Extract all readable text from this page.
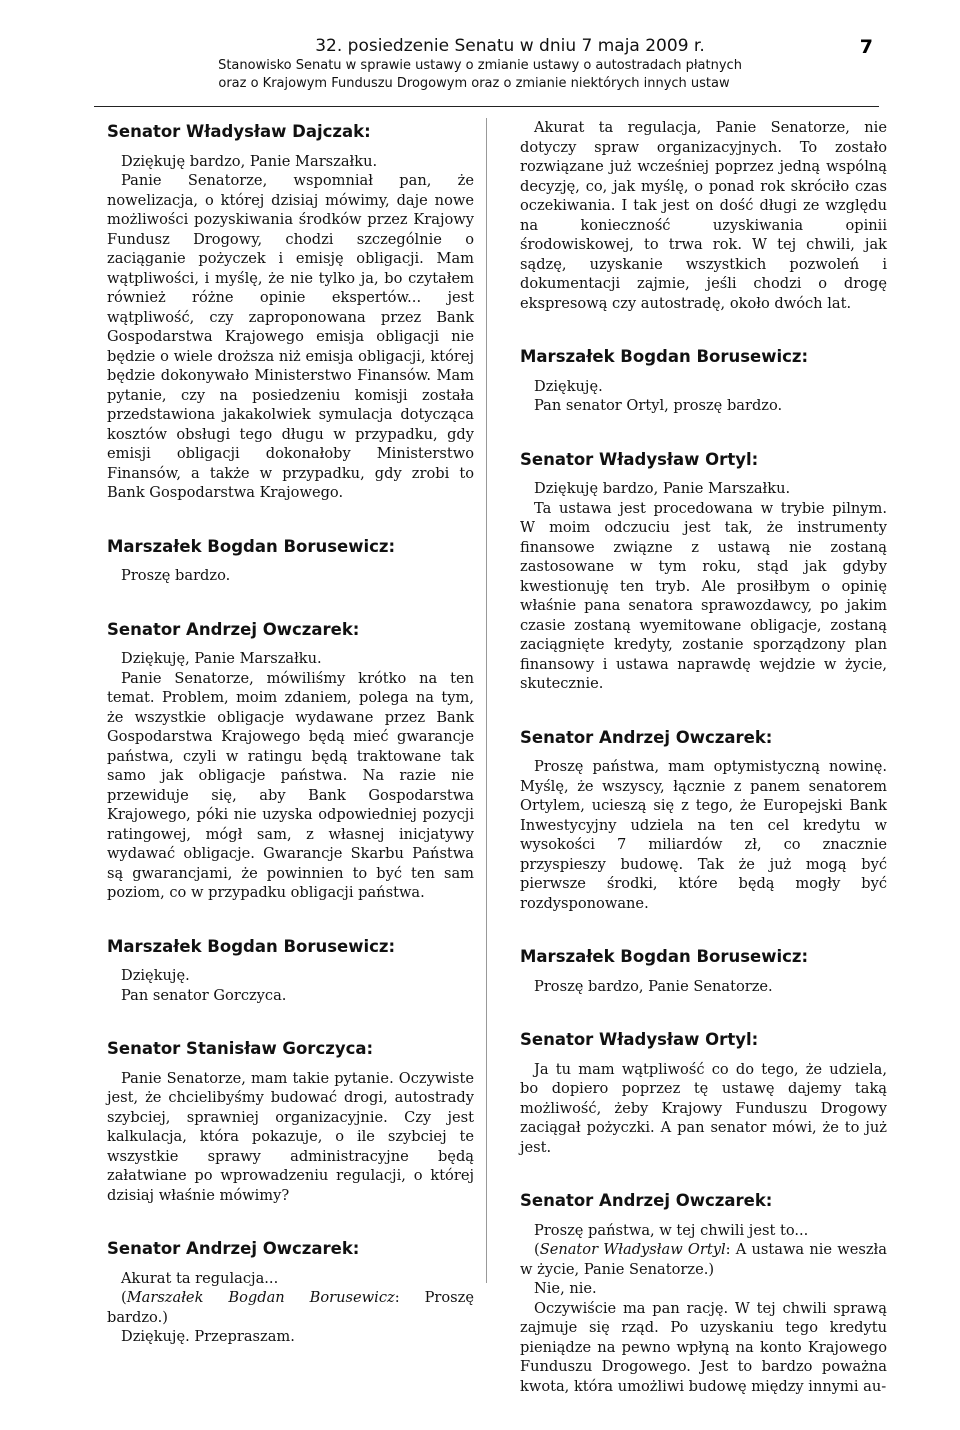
32. posiedzenie Senatu w dniu 7 maja 2009 r.
Stanowisko Senatu w sprawie ustawy o zmianie ustawy o autostradach płatnych
oraz o Krajowym Funduszu Drogowym oraz o zmianie niektórych innych ustaw
7
Senator Władysław Dajczak:

Dziękuję bardzo, Panie Marszałku.

Panie Senatorze, wspomniał pan, że nowelizacja, o której dzisiaj mówimy, daje nowe możliwości pozyskiwania środków przez Krajowy Fundusz Drogowy, chodzi szczególnie o zaciąganie pożyczek i emisję obligacji. Mam wątpliwości, i myślę, że nie tylko ja, bo czytałem również różne opinie ekspertów... jest wątpliwość, czy zaproponowana przez Bank Gospodarstwa Krajowego emisja obligacji nie będzie o wiele droższa niż emisja obligacji, której będzie dokonywało Ministerstwo Finansów. Mam pytanie, czy na posiedzeniu komisji została przedstawiona jakakolwiek symulacja dotycząca kosztów obsługi tego długu w przypadku, gdy emisji obligacji dokonałoby Ministerstwo Finansów, a także w przypadku, gdy zrobi to Bank Gospodarstwa Krajowego.

Marszałek Bogdan Borusewicz:

Proszę bardzo.

Senator Andrzej Owczarek:

Dziękuję, Panie Marszałku.

Panie Senatorze, mówiliśmy krótko na ten temat. Problem, moim zdaniem, polega na tym, że wszystkie obligacje wydawane przez Bank Gospodarstwa Krajowego będą mieć gwarancje państwa, czyli w ratingu będą traktowane tak samo jak obligacje państwa. Na razie nie przewiduje się, aby Bank Gospodarstwa Krajowego, póki nie uzyska odpowiedniej pozycji ratingowej, mógł sam, z własnej inicjatywy wydawać obligacje. Gwarancje Skarbu Państwa są gwarancjami, że powinnien to być ten sam poziom, co w przypadku obligacji państwa.

Marszałek Bogdan Borusewicz:

Dziękuję.

Pan senator Gorczyca.

Senator Stanisław Gorczyca:

Panie Senatorze, mam takie pytanie. Oczywiste jest, że chcielibyśmy budować drogi, autostrady szybciej, sprawniej organizacyjnie. Czy jest kalkulacja, która pokazuje, o ile szybciej te wszystkie sprawy administracyjne będą załatwiane po wprowadzeniu regulacji, o której dzisiaj właśnie mówimy?

Senator Andrzej Owczarek:

Akurat ta regulacja...

(Marszałek Bogdan Borusewicz: Proszę bardzo.)

Dziękuję. Przepraszam.

Akurat ta regulacja, Panie Senatorze, nie dotyczy spraw organizacyjnych. To zostało rozwiązane już wcześniej poprzez jedną wspólną decyzję, co, jak myślę, o ponad rok skróciło czas oczekiwania. I tak jest on dość długi ze względu na konieczność uzyskiwania opinii środowiskowej, to trwa rok. W tej chwili, jak sądzę, uzyskanie wszystkich pozwoleń i dokumentacji zajmie, jeśli chodzi o drogę ekspresową czy autostradę, około dwóch lat.

Marszałek Bogdan Borusewicz:

Dziękuję.

Pan senator Ortyl, proszę bardzo.

Senator Władysław Ortyl:

Dziękuję bardzo, Panie Marszałku.

Ta ustawa jest procedowana w trybie pilnym. W moim odczuciu jest tak, że instrumenty finansowe związne z ustawą nie zostaną zastosowane w tym roku, stąd jak gdyby kwestionuję ten tryb. Ale prosiłbym o opinię właśnie pana senatora sprawozdawcy, po jakim czasie zostaną wyemitowane obligacje, zostaną zaciągnięte kredyty, zostanie sporządzony plan finansowy i ustawa naprawdę wejdzie w życie, skutecznie.

Senator Andrzej Owczarek:

Proszę państwa, mam optymistyczną nowinę. Myślę, że wszyscy, łącznie z panem senatorem Ortylem, ucieszą się z tego, że Europejski Bank Inwestycyjny udziela na ten cel kredytu w wysokości 7 miliardów zł, co znacznie przyspieszy budowę. Tak że już mogą być pierwsze środki, które będą mogły być rozdysponowane.

Marszałek Bogdan Borusewicz:

Proszę bardzo, Panie Senatorze.

Senator Władysław Ortyl:

Ja tu mam wątpliwość co do tego, że udziela, bo dopiero poprzez tę ustawę dajemy taką możliwość, żeby Krajowy Funduszu Drogowy zaciągał pożyczki. A pan senator mówi, że to już jest.

Senator Andrzej Owczarek:

Proszę państwa, w tej chwili jest to...

(Senator Władysław Ortyl: A ustawa nie weszła w życie, Panie Senatorze.)

Nie, nie.

Oczywiście ma pan rację. W tej chwili sprawą zajmuje się rząd. Po uzyskaniu tego kredytu pieniądze na pewno wpłyną na konto Krajowego Funduszu Drogowego. Jest to bardzo poważna kwota, która umożliwi budowę między innymi au-
